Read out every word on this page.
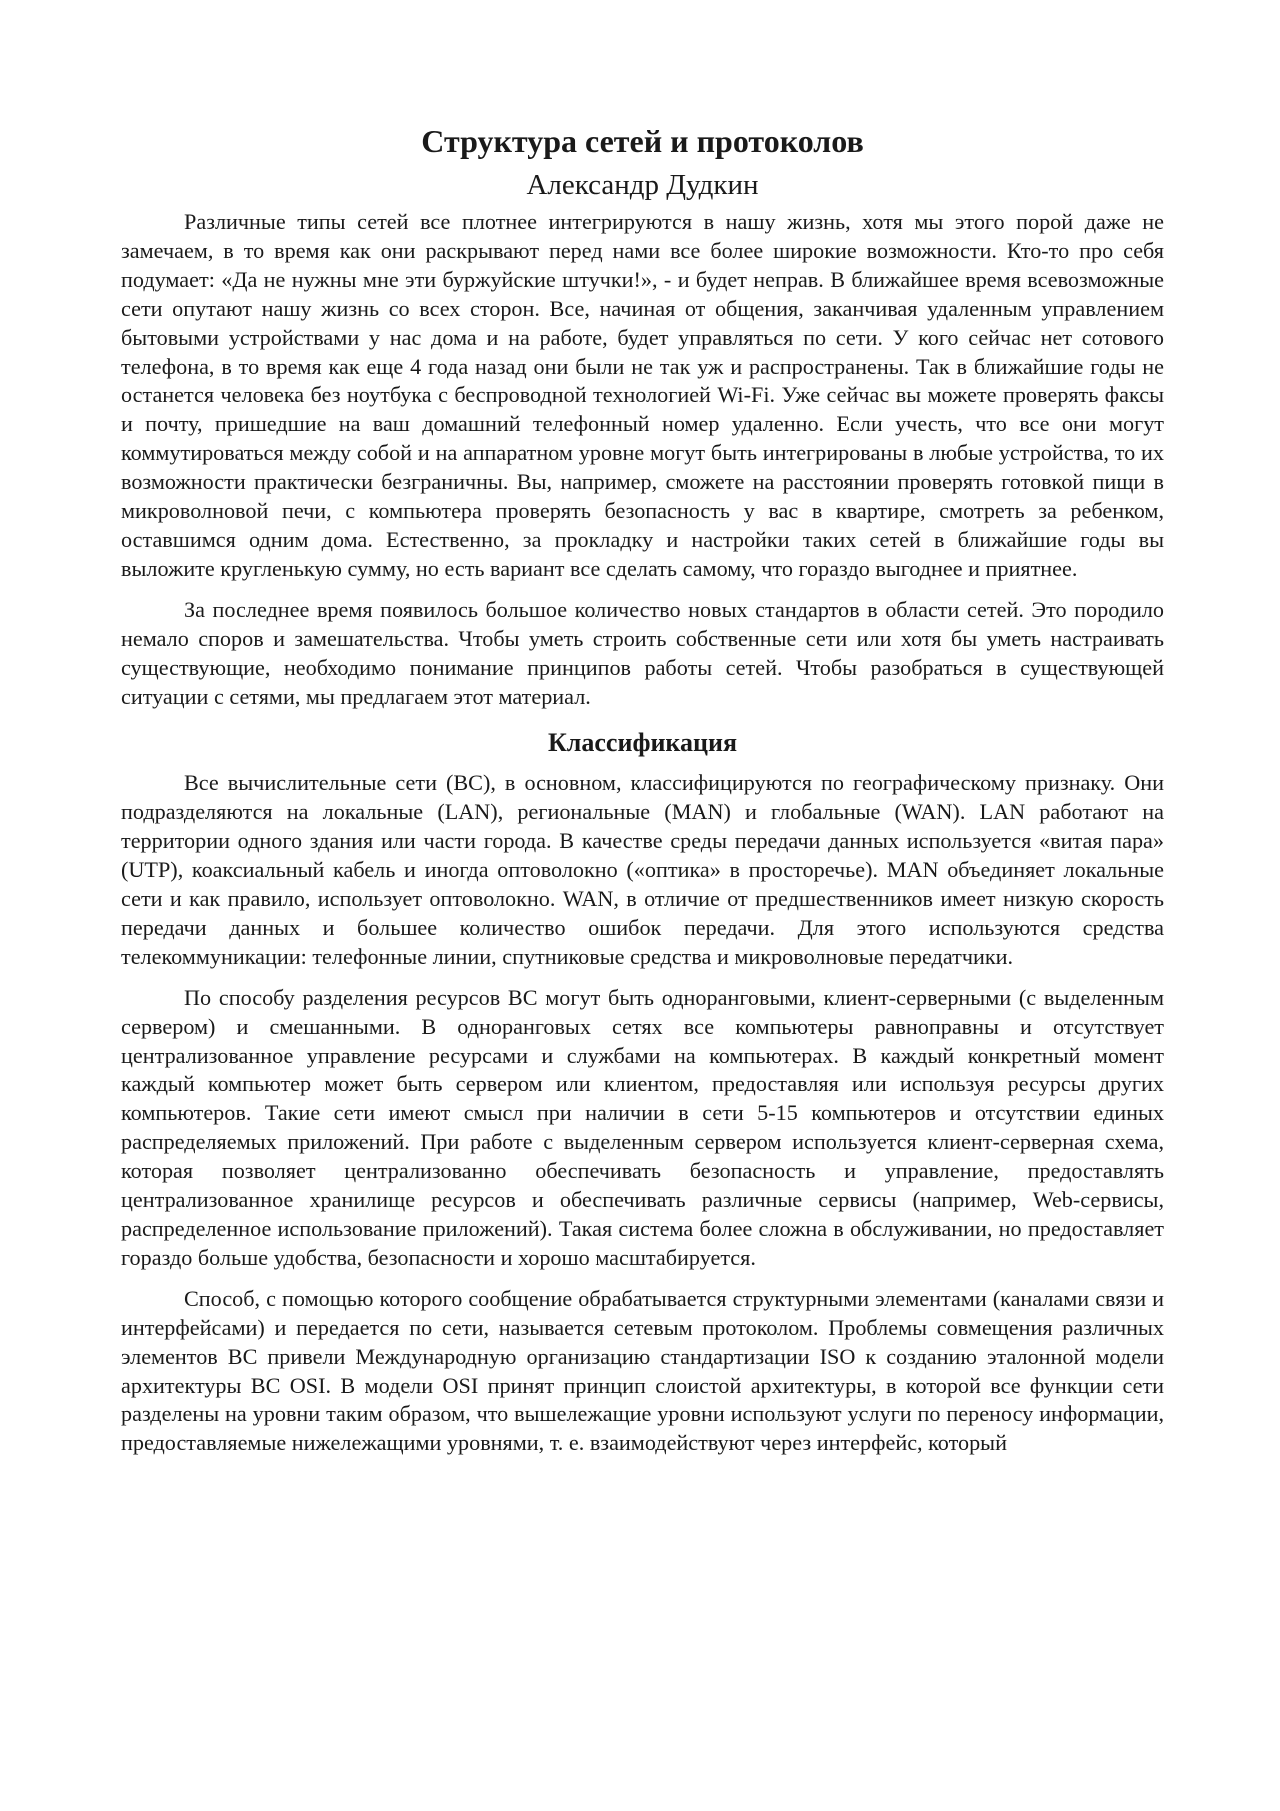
Структура сетей и протоколов
Александр Дудкин

Различные типы сетей все плотнее интегрируются в нашу жизнь, хотя мы этого порой даже не замечаем, в то время как они раскрывают перед нами все более широкие возможности. Кто-то про себя подумает: «Да не нужны мне эти буржуйские штучки!», - и будет неправ. В ближайшее время всевозможные сети опутают нашу жизнь со всех сторон. Все, начиная от общения, заканчивая удаленным управлением бытовыми устройствами у нас дома и на работе, будет управляться по сети. У кого сейчас нет сотового телефона, в то время как еще 4 года назад они были не так уж и распространены. Так в ближайшие годы не останется человека без ноутбука с беспроводной технологией Wi-Fi. Уже сейчас вы можете проверять факсы и почту, пришедшие на ваш домашний телефонный номер удаленно. Если учесть, что все они могут коммутироваться между собой и на аппаратном уровне могут быть интегрированы в любые устройства, то их возможности практически безграничны. Вы, например, сможете на расстоянии проверять готовкой пищи в микроволновой печи, с компьютера проверять безопасность у вас в квартире, смотреть за ребенком, оставшимся одним дома. Естественно, за прокладку и настройки таких сетей в ближайшие годы вы выложите кругленькую сумму, но есть вариант все сделать самому, что гораздо выгоднее и приятнее.

За последнее время появилось большое количество новых стандартов в области сетей. Это породило немало споров и замешательства. Чтобы уметь строить собственные сети или хотя бы уметь настраивать существующие, необходимо понимание принципов работы сетей. Чтобы разобраться в существующей ситуации с сетями, мы предлагаем этот материал.

Классификация

Все вычислительные сети (ВС), в основном, классифицируются по географическому признаку. Они подразделяются на локальные (LAN), региональные (MAN) и глобальные (WAN). LAN работают на территории одного здания или части города. В качестве среды передачи данных используется «витая пара» (UTP), коаксиальный кабель и иногда оптоволокно («оптика» в просторечье). MAN объединяет локальные сети и как правило, использует оптоволокно. WAN, в отличие от предшественников имеет низкую скорость передачи данных и большее количество ошибок передачи. Для этого используются средства телекоммуникации: телефонные линии, спутниковые средства и микроволновые передатчики.

По способу разделения ресурсов ВС могут быть одноранговыми, клиент-серверными (с выделенным сервером) и смешанными. В одноранговых сетях все компьютеры равноправны и отсутствует централизованное управление ресурсами и службами на компьютерах. В каждый конкретный момент каждый компьютер может быть сервером или клиентом, предоставляя или используя ресурсы других компьютеров. Такие сети имеют смысл при наличии в сети 5-15 компьютеров и отсутствии единых распределяемых приложений. При работе с выделенным сервером используется клиент-серверная схема, которая позволяет централизованно обеспечивать безопасность и управление, предоставлять централизованное хранилище ресурсов и обеспечивать различные сервисы (например, Web-сервисы, распределенное использование приложений). Такая система более сложна в обслуживании, но предоставляет гораздо больше удобства, безопасности и хорошо масштабируется.

Способ, с помощью которого сообщение обрабатывается структурными элементами (каналами связи и интерфейсами) и передается по сети, называется сетевым протоколом. Проблемы совмещения различных элементов ВС привели Международную организацию стандартизации ISO к созданию эталонной модели архитектуры ВС OSI. В модели OSI принят принцип слоистой архитектуры, в которой все функции сети разделены на уровни таким образом, что вышележащие уровни используют услуги по переносу информации, предоставляемые нижележащими уровнями, т. е. взаимодействуют через интерфейс, который
